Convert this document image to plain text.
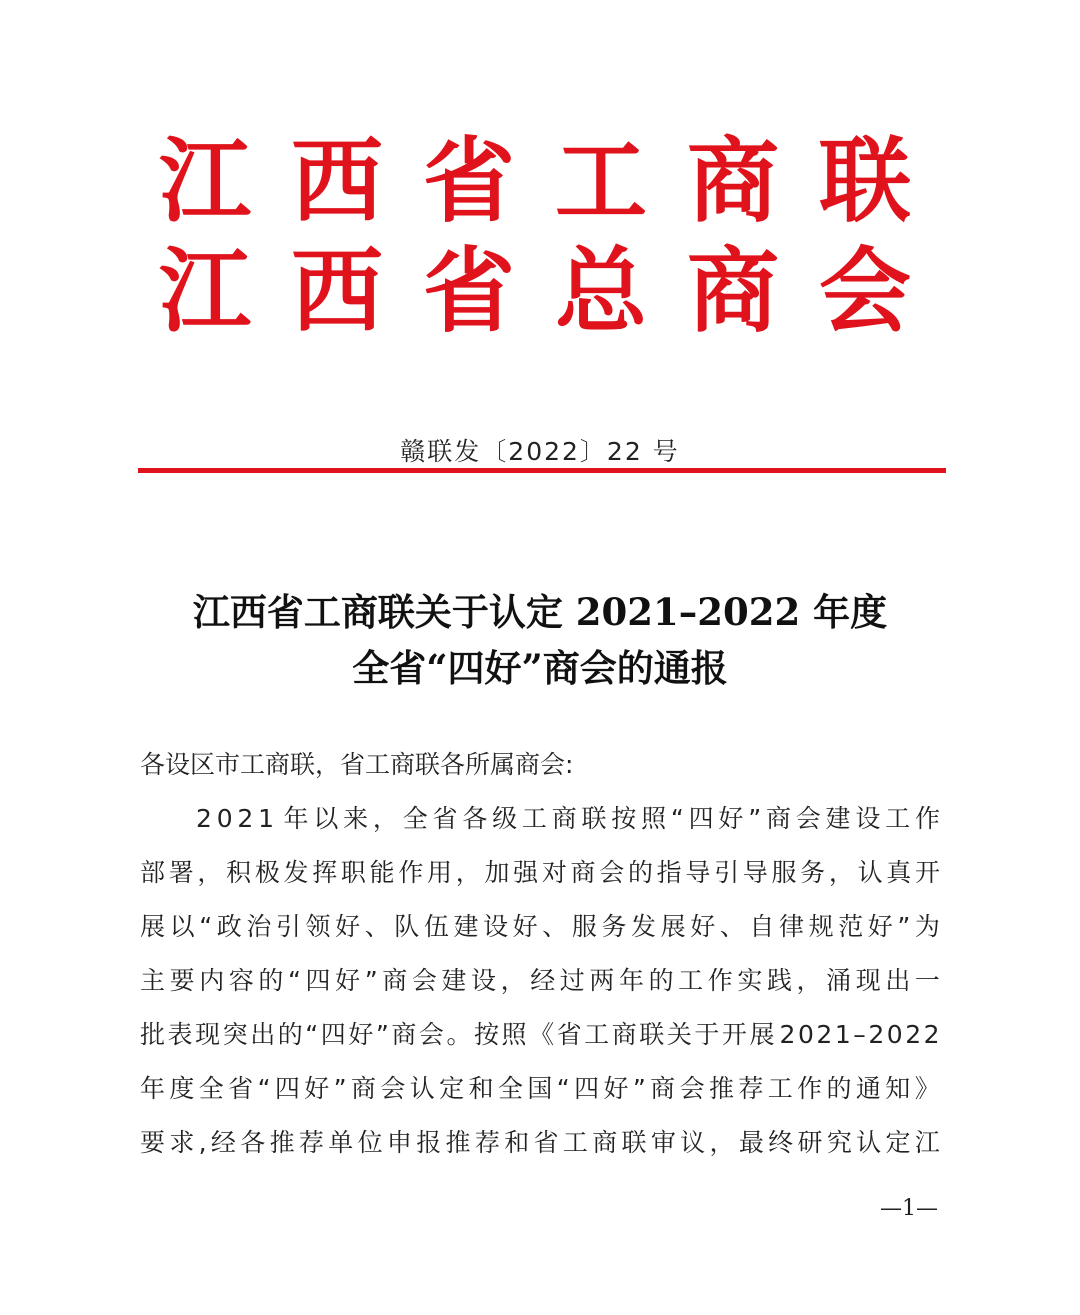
江 西 省 工 商 联
江 西 省 总 商 会
赣联发〔2022〕22 号
江西省工商联关于认定 2021–2022 年度
全省“四好”商会的通报
各设区市工商联，省工商联各所属商会:
2 0 2 1 年 以 来 ， 全 省 各 级 工 商 联 按 照 “ 四 好 ” 商 会 建 设 工 作
部 署 ， 积 极 发 挥 职 能 作 用 ， 加 强 对 商 会 的 指 导 引 导 服 务 ， 认 真 开
展 以 “ 政 治 引 领 好 、 队 伍 建 设 好 、 服 务 发 展 好 、 自 律 规 范 好 ” 为
主 要 内 容 的 “ 四 好 ” 商 会 建 设 ， 经 过 两 年 的 工 作 实 践 ， 涌 现 出 一
批 表 现 突 出 的 “ 四 好 ” 商 会 。 按 照 《 省 工 商 联 关 于 开 展 2 0 2 1 – 2 0 2 2
年 度 全 省 “ 四 好 ” 商 会 认 定 和 全 国 “ 四 好 ” 商 会 推 荐 工 作 的 通 知 》
要 求 , 经 各 推 荐 单 位 申 报 推 荐 和 省 工 商 联 审 议 ， 最 终 研 究 认 定 江
—1—
